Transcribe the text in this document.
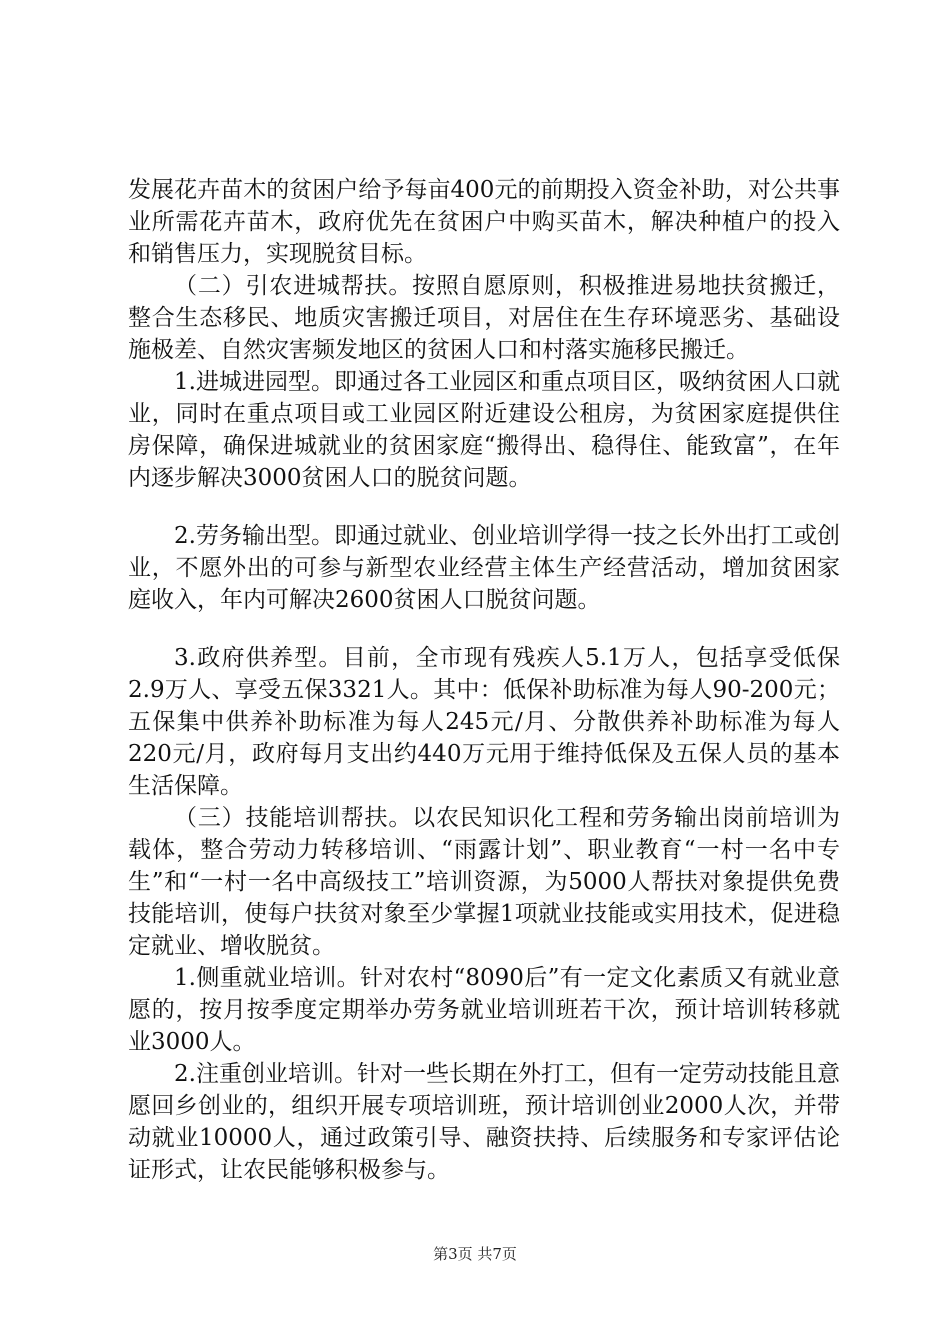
发展花卉苗木的贫困户给予每亩400元的前期投入资金补助，对公共事业所需花卉苗木，政府优先在贫困户中购买苗木，解决种植户的投入和销售压力，实现脱贫目标。

（二）引农进城帮扶。按照自愿原则，积极推进易地扶贫搬迁，整合生态移民、地质灾害搬迁项目，对居住在生存环境恶劣、基础设施极差、自然灾害频发地区的贫困人口和村落实施移民搬迁。

1.进城进园型。即通过各工业园区和重点项目区，吸纳贫困人口就业，同时在重点项目或工业园区附近建设公租房，为贫困家庭提供住房保障，确保进城就业的贫困家庭“搬得出、稳得住、能致富”，在年内逐步解决3000贫困人口的脱贫问题。

2.劳务输出型。即通过就业、创业培训学得一技之长外出打工或创业，不愿外出的可参与新型农业经营主体生产经营活动，增加贫困家庭收入，年内可解决2600贫困人口脱贫问题。

3.政府供养型。目前，全市现有残疾人5.1万人，包括享受低保2.9万人、享受五保3321人。其中：低保补助标准为每人90-200元；五保集中供养补助标准为每人245元/月、分散供养补助标准为每人220元/月，政府每月支出约440万元用于维持低保及五保人员的基本生活保障。

（三）技能培训帮扶。以农民知识化工程和劳务输出岗前培训为载体，整合劳动力转移培训、“雨露计划”、职业教育“一村一名中专生”和“一村一名中高级技工”培训资源，为5000人帮扶对象提供免费技能培训，使每户扶贫对象至少掌握1项就业技能或实用技术，促进稳定就业、增收脱贫。

1.侧重就业培训。针对农村“8090后”有一定文化素质又有就业意愿的，按月按季度定期举办劳务就业培训班若干次，预计培训转移就业3000人。

2.注重创业培训。针对一些长期在外打工，但有一定劳动技能且意愿回乡创业的，组织开展专项培训班，预计培训创业2000人次，并带动就业10000人，通过政策引导、融资扶持、后续服务和专家评估论证形式，让农民能够积极参与。

第3页 共7页
